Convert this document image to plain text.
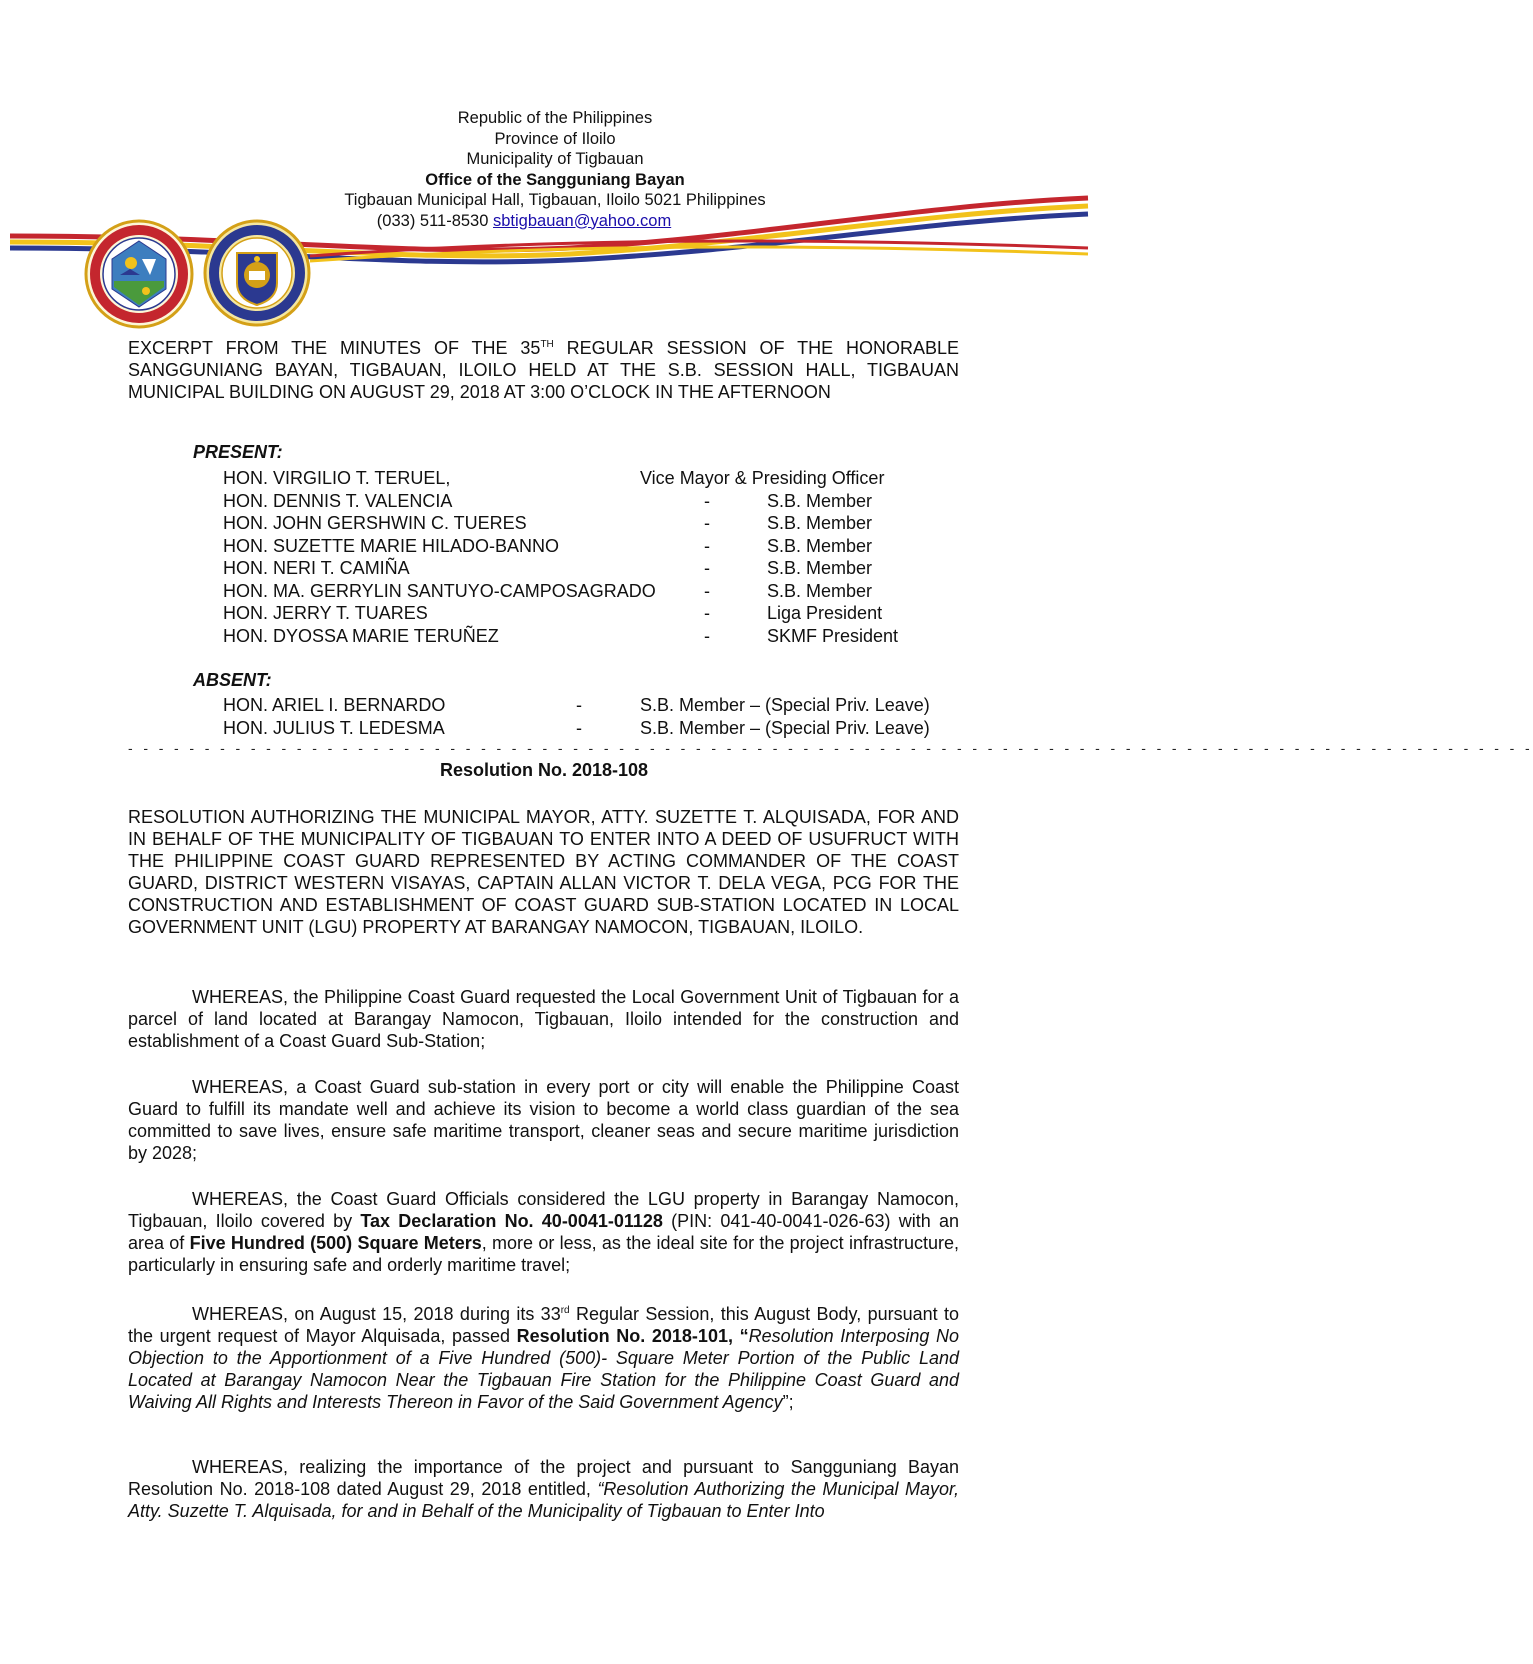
Republic of the Philippines
Province of Iloilo
Municipality of Tigbauan
Office of the Sangguniang Bayan
Tigbauan Municipal Hall, Tigbauan, Iloilo 5021 Philippines
(033) 511-8530 sbtigbauan@yahoo.com
EXCERPT FROM THE MINUTES OF THE 35TH REGULAR SESSION OF THE HONORABLE SANGGUNIANG BAYAN, TIGBAUAN, ILOILO HELD AT THE S.B. SESSION HALL, TIGBAUAN MUNICIPAL BUILDING ON AUGUST 29, 2018 AT 3:00 O’CLOCK IN THE AFTERNOON
PRESENT:
HON. VIRGILIO T. TERUEL,	Vice Mayor & Presiding Officer
HON. DENNIS T. VALENCIA	-	S.B. Member
HON. JOHN GERSHWIN C. TUERES	-	S.B. Member
HON. SUZETTE MARIE HILADO-BANNO	-	S.B. Member
HON. NERI T. CAMIÑA	-	S.B. Member
HON. MA. GERRYLIN SANTUYO-CAMPOSAGRADO	-	S.B. Member
HON. JERRY T. TUARES	-	Liga President
HON. DYOSSA MARIE TERUÑEZ	-	SKMF President
ABSENT:
HON. ARIEL I. BERNARDO	-	S.B. Member – (Special Priv. Leave)
HON. JULIUS T. LEDESMA	-	S.B. Member – (Special Priv. Leave)
- - - - - - - - - - - - - - - - - - - - - - - - - - - - - - - - - - - - - - - - - - - - - - - - - - - - - - - - - - - - - - - - - - - - - - - - - - - - - - - - - - - - - - - - - - - -
Resolution No. 2018-108
RESOLUTION AUTHORIZING THE MUNICIPAL MAYOR, ATTY. SUZETTE T. ALQUISADA, FOR AND IN BEHALF OF THE MUNICIPALITY OF TIGBAUAN TO ENTER INTO A DEED OF USUFRUCT WITH THE PHILIPPINE COAST GUARD REPRESENTED BY ACTING COMMANDER OF THE COAST GUARD, DISTRICT WESTERN VISAYAS, CAPTAIN ALLAN VICTOR T. DELA VEGA, PCG FOR THE CONSTRUCTION AND ESTABLISHMENT OF COAST GUARD SUB-STATION LOCATED IN LOCAL GOVERNMENT UNIT (LGU) PROPERTY AT BARANGAY NAMOCON, TIGBAUAN, ILOILO.
WHEREAS, the Philippine Coast Guard requested the Local Government Unit of Tigbauan for a parcel of land located at Barangay Namocon, Tigbauan, Iloilo intended for the construction and establishment of a Coast Guard Sub-Station;
WHEREAS, a Coast Guard sub-station in every port or city will enable the Philippine Coast Guard to fulfill its mandate well and achieve its vision to become a world class guardian of the sea committed to save lives, ensure safe maritime transport, cleaner seas and secure maritime jurisdiction by 2028;
WHEREAS, the Coast Guard Officials considered the LGU property in Barangay Namocon, Tigbauan, Iloilo covered by Tax Declaration No. 40-0041-01128 (PIN: 041-40-0041-026-63) with an area of Five Hundred (500) Square Meters, more or less, as the ideal site for the project infrastructure, particularly in ensuring safe and orderly maritime travel;
WHEREAS, on August 15, 2018 during its 33rd Regular Session, this August Body, pursuant to the urgent request of Mayor Alquisada, passed Resolution No. 2018-101, “Resolution Interposing No Objection to the Apportionment of a Five Hundred (500)- Square Meter Portion of the Public Land Located at Barangay Namocon Near the Tigbauan Fire Station for the Philippine Coast Guard and Waiving All Rights and Interests Thereon in Favor of the Said Government Agency”;
WHEREAS, realizing the importance of the project and pursuant to Sangguniang Bayan Resolution No. 2018-108 dated August 29, 2018 entitled, “Resolution Authorizing the Municipal Mayor, Atty. Suzette T. Alquisada, for and in Behalf of the Municipality of Tigbauan to Enter Into
